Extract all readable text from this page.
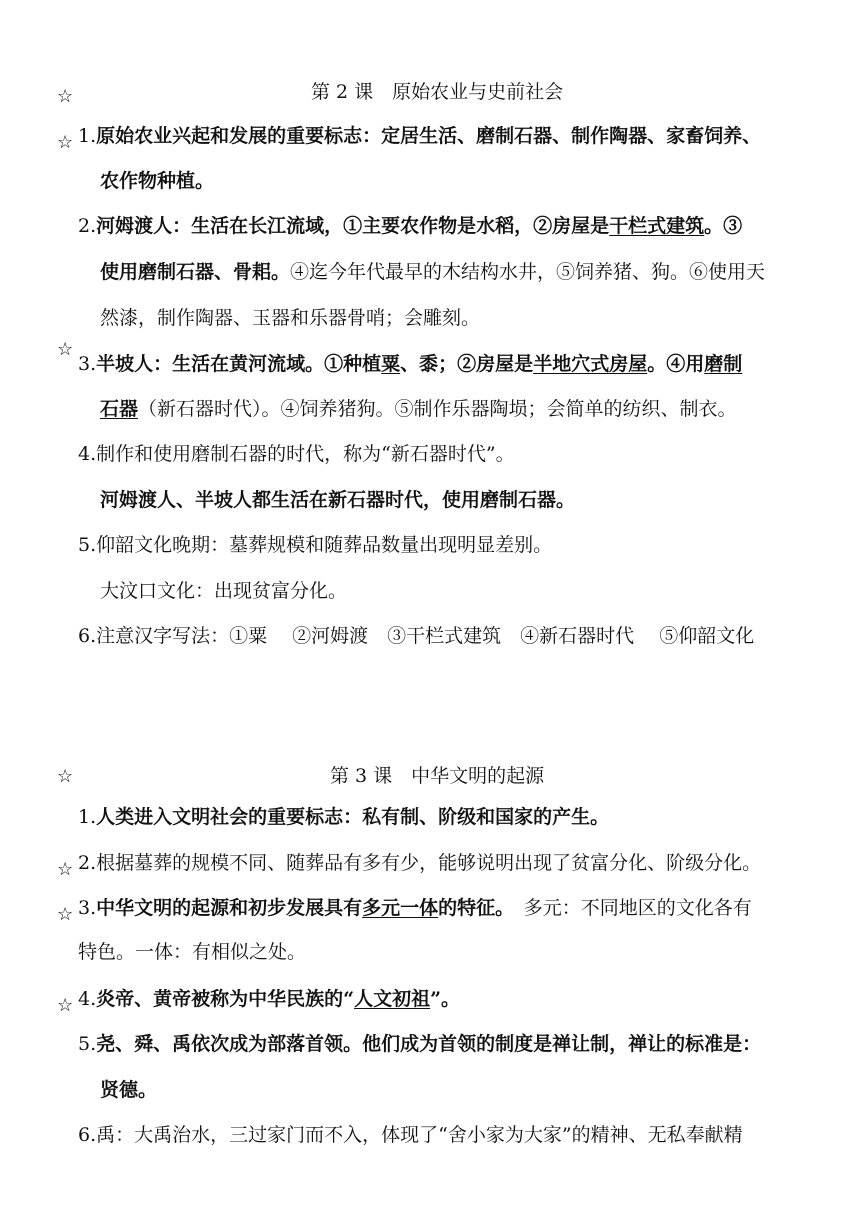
☆
☆
☆
☆
☆
☆
☆
第 2 课　原始农业与史前社会
1.原始农业兴起和发展的重要标志：定居生活、磨制石器、制作陶器、家畜饲养、
农作物种植。
2.河姆渡人：生活在长江流域，①主要农作物是水稻，②房屋是干栏式建筑。③
使用磨制石器、骨耜。④迄今年代最早的木结构水井，⑤饲养猪、狗。⑥使用天
然漆，制作陶器、玉器和乐器骨哨；会雕刻。
3.半坡人：生活在黄河流域。①种植粟、黍；②房屋是半地穴式房屋。④用磨制
石器（新石器时代）。④饲养猪狗。⑤制作乐器陶埙；会简单的纺织、制衣。
4.制作和使用磨制石器的时代，称为“新石器时代”。
河姆渡人、半坡人都生活在新石器时代，使用磨制石器。
5.仰韶文化晚期：墓葬规模和随葬品数量出现明显差别。
大汶口文化：出现贫富分化。
6.注意汉字写法：①粟　 ②河姆渡　③干栏式建筑　④新石器时代　 ⑤仰韶文化
第 3 课　中华文明的起源
1.人类进入文明社会的重要标志：私有制、阶级和国家的产生。
2.根据墓葬的规模不同、随葬品有多有少，能够说明出现了贫富分化、阶级分化。
3.中华文明的起源和初步发展具有多元一体的特征。　多元：不同地区的文化各有
特色。一体：有相似之处。
4.炎帝、黄帝被称为中华民族的“人文初祖”。
5.尧、舜、禹依次成为部落首领。他们成为首领的制度是禅让制，禅让的标准是：
贤德。
6.禹：大禹治水，三过家门而不入，体现了“舍小家为大家”的精神、无私奉献精
